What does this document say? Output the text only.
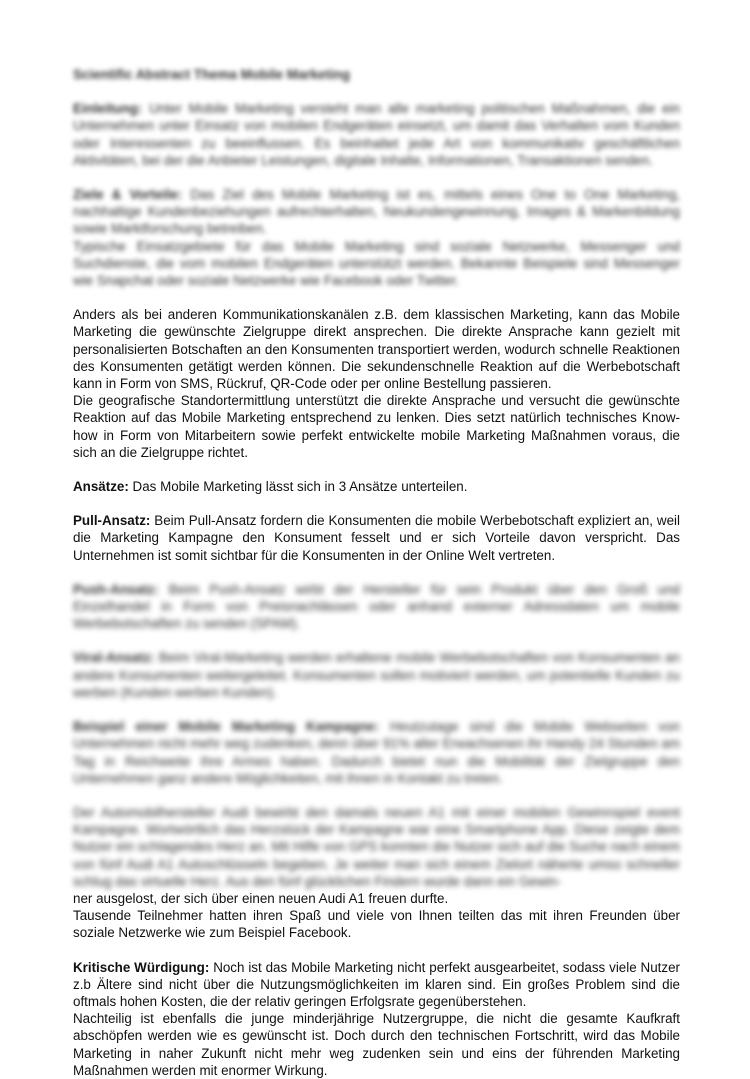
Scientific Abstract Thema Mobile Marketing

Einleitung: Unter Mobile Marketing versteht man alle marketing politischen Maßnahmen, die ein Unternehmen unter Einsatz von mobilen Endgeräten einsetzt, um damit das Verhalten vom Kunden oder Interessenten zu beeinflussen. Es beinhaltet jede Art von kommunikativ geschäftlichen Aktivitäten, bei der die Anbieter Leistungen, digitale Inhalte, Informationen, Transaktionen senden.

Ziele & Vorteile: Das Ziel des Mobile Marketing ist es, mittels eines One to One Marketing, nachhaltige Kundenbeziehungen aufrechterhalten, Neukundengewinnung, Images & Markenbildung sowie Marktforschung betreiben.

Typische Einsatzgebiete für das Mobile Marketing sind soziale Netzwerke, Messenger und Suchdienste, die vom mobilen Endgeräten unterstützt werden. Bekannte Beispiele sind Messenger wie Snapchat oder soziale Netzwerke wie Facebook oder Twitter.

Anders als bei anderen Kommunikationskanälen z.B. dem klassischen Marketing, kann das Mobile Marketing die gewünschte Zielgruppe direkt ansprechen. Die direkte Ansprache kann gezielt mit personalisierten Botschaften an den Konsumenten transportiert werden, wodurch schnelle Reaktionen des Konsumenten getätigt werden können. Die sekundenschnelle Reaktion auf die Werbebotschaft kann in Form von SMS, Rückruf, QR-Code oder per online Bestellung passieren.

Die geografische Standortermittlung unterstützt die direkte Ansprache und versucht die gewünschte Reaktion auf das Mobile Marketing entsprechend zu lenken. Dies setzt natürlich technisches Know-how in Form von Mitarbeitern sowie perfekt entwickelte mobile Marketing Maßnahmen voraus, die sich an die Zielgruppe richtet.

Ansätze: Das Mobile Marketing lässt sich in 3 Ansätze unterteilen.

Pull-Ansatz: Beim Pull-Ansatz fordern die Konsumenten die mobile Werbebotschaft expliziert an, weil die Marketing Kampagne den Konsument fesselt und er sich Vorteile davon verspricht. Das Unternehmen ist somit sichtbar für die Konsumenten in der Online Welt vertreten.

Push-Ansatz: Beim Push-Ansatz wirbt der Hersteller für sein Produkt über den Groß und Einzelhandel in Form von Preisnachlässen oder anhand externer Adressdaten um mobile Werbebotschaften zu senden (SPAM).

Viral-Ansatz: Beim Viral-Marketing werden erhaltene mobile Werbebotschaften von Konsumenten an andere Konsumenten weitergeleitet. Konsumenten sollen motiviert werden, um potentielle Kunden zu werben (Kunden werben Kunden).

Beispiel einer Mobile Marketing Kampagne: Heutzutage sind die Mobile Webseiten von Unternehmen nicht mehr weg zudenken, denn über 91% aller Erwachsenen ihr Handy 24 Stunden am Tag in Reichweite ihre Armes haben. Dadurch bietet nun die Mobilität der Zielgruppe den Unternehmen ganz andere Möglichkeiten, mit ihnen in Kontakt zu treten.

Der Automobilhersteller Audi bewirbt den damals neuen A1 mit einer mobilen Gewinnspiel event Kampagne. Wortwörtlich das Herzstück der Kampagne war eine Smartphone App. Diese zeigte dem Nutzer ein schlagendes Herz an. Mit Hilfe von GPS konnten die Nutzer sich auf die Suche nach einem von fünf Audi A1 Autoschlüsseln begeben. Je weiter man sich einem Zielort näherte umso schneller schlug das virtuelle Herz. Aus den fünf glücklichen Findern wurde dann ein Gewin-

ner ausgelost, der sich über einen neuen Audi A1 freuen durfte.

Tausende Teilnehmer hatten ihren Spaß und viele von Ihnen teilten das mit ihren Freunden über soziale Netzwerke wie zum Beispiel Facebook.

Kritische Würdigung: Noch ist das Mobile Marketing nicht perfekt ausgearbeitet, sodass viele Nutzer z.b Ältere sind nicht über die Nutzungsmöglichkeiten im klaren sind. Ein großes Problem sind die oftmals hohen Kosten, die der relativ geringen Erfolgsrate gegenüberstehen.

Nachteilig ist ebenfalls die junge minderjährige Nutzergruppe, die nicht die gesamte Kaufkraft abschöpfen werden wie es gewünscht ist. Doch durch den technischen Fortschritt, wird das Mobile Marketing in naher Zukunft nicht mehr weg zudenken sein und eins der führenden Marketing Maßnahmen werden mit enormer Wirkung.
